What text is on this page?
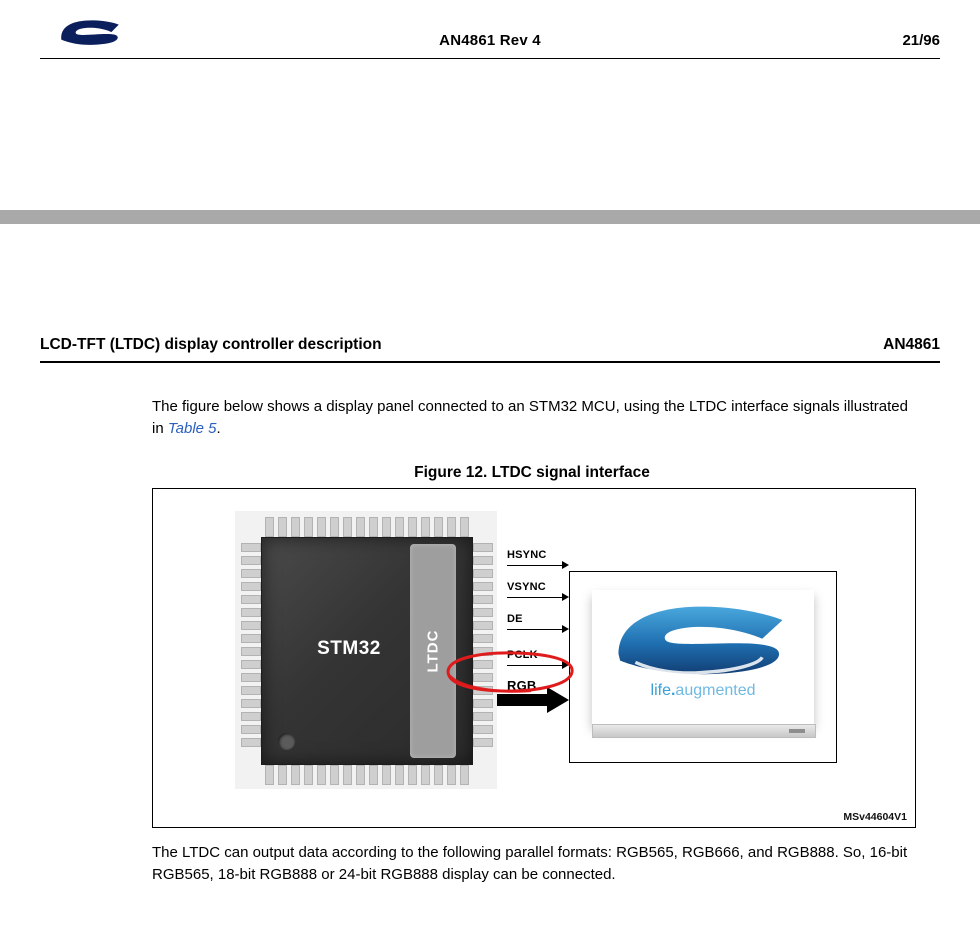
AN4861 Rev 4	21/96
LCD-TFT (LTDC) display controller description	AN4861
The figure below shows a display panel connected to an STM32 MCU, using the LTDC interface signals illustrated in Table 5.
Figure 12. LTDC signal interface
STM32	LTDC
HSYNC
VSYNC
DE
PCLK
RGB	life.augmented
MSv44604V1
The LTDC can output data according to the following parallel formats: RGB565, RGB666, and RGB888. So, 16-bit RGB565, 18-bit RGB888 or 24-bit RGB888 display can be connected.
